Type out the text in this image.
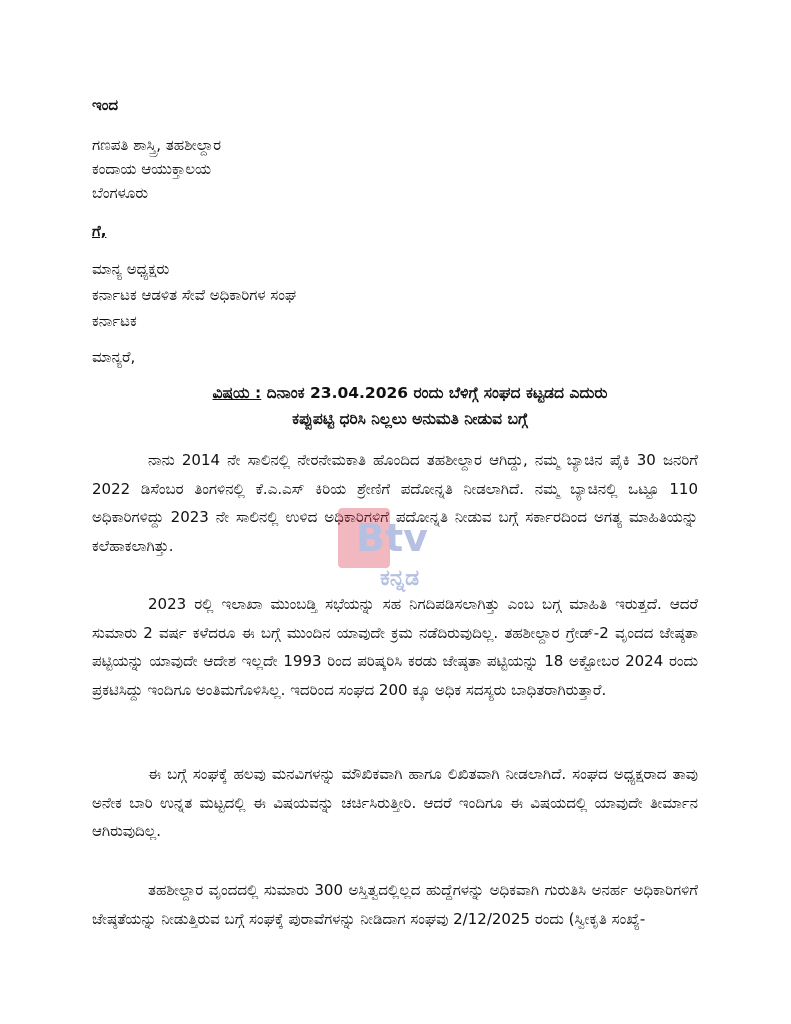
ಇಂದ
ಗಣಪತಿ ಶಾಸ್ತ್ರಿ, ತಹಶೀಲ್ದಾರ
ಕಂದಾಯ ಆಯುಕ್ತಾಲಯ
ಬೆಂಗಳೂರು
ಗೆ,
ಮಾನ್ಯ ಅಧ್ಯಕ್ಷರು
ಕರ್ನಾಟಕ ಆಡಳಿತ ಸೇವೆ ಅಧಿಕಾರಿಗಳ ಸಂಘ
ಕರ್ನಾಟಕ
ಮಾನ್ಯರೆ,
ವಿಷಯ : ದಿನಾಂಕ 23.04.2026 ರಂದು ಬೆಳಿಗ್ಗೆ ಸಂಘದ ಕಟ್ಟಡದ ಎದುರು
ಕಪ್ಪುಪಟ್ಟಿ ಧರಿಸಿ ನಿಲ್ಲಲು ಅನುಮತಿ ನೀಡುವ ಬಗ್ಗೆ

ನಾನು 2014 ನೇ ಸಾಲಿನಲ್ಲಿ ನೇರನೇಮಕಾತಿ ಹೊಂದಿದ ತಹಶೀಲ್ದಾರ ಆಗಿದ್ದು, ನಮ್ಮ ಬ್ಯಾಚಿನ ಪೈಕಿ 30 ಜನರಿಗೆ 2022 ಡಿಸೆಂಬರ ತಿಂಗಳಿನಲ್ಲಿ ಕೆ.ಎ.ಎಸ್ ಕಿರಿಯ ಶ್ರೇಣಿಗೆ ಪದೋನ್ನತಿ ನೀಡಲಾಗಿದೆ. ನಮ್ಮ ಬ್ಯಾಚಿನಲ್ಲಿ ಒಟ್ಟೂ 110 ಅಧಿಕಾರಿಗಳಿದ್ದು 2023 ನೇ ಸಾಲಿನಲ್ಲಿ ಉಳಿದ ಅಧಿಕಾರಿಗಳಿಗೆ ಪದೋನ್ನತಿ ನೀಡುವ ಬಗ್ಗೆ ಸರ್ಕಾರದಿಂದ ಅಗತ್ಯ ಮಾಹಿತಿಯನ್ನು ಕಲೆಹಾಕಲಾಗಿತ್ತು.

2023 ರಲ್ಲಿ ಇಲಾಖಾ ಮುಂಬಡ್ತಿ ಸಭೆಯನ್ನು ಸಹ ನಿಗದಿಪಡಿಸಲಾಗಿತ್ತು ಎಂಬ ಬಗ್ಗ ಮಾಹಿತಿ ಇರುತ್ತದೆ. ಆದರೆ ಸುಮಾರು 2 ವರ್ಷ ಕಳೆದರೂ ಈ ಬಗ್ಗೆ ಮುಂದಿನ ಯಾವುದೇ ಕ್ರಮ ನಡೆದಿರುವುದಿಲ್ಲ. ತಹಶೀಲ್ದಾರ ಗ್ರೇಡ್-2 ವೃಂದದ ಜೇಷ್ಠತಾ ಪಟ್ಟಿಯನ್ನು ಯಾವುದೇ ಆದೇಶ ಇಲ್ಲದೇ 1993 ರಿಂದ ಪರಿಷ್ಕರಿಸಿ ಕರಡು ಜೇಷ್ಠತಾ ಪಟ್ಟಿಯನ್ನು 18 ಅಕ್ಟೋಬರ 2024 ರಂದು ಪ್ರಕಟಿಸಿದ್ದು ಇಂದಿಗೂ ಅಂತಿಮಗೊಳಿಸಿಲ್ಲ. ಇದರಿಂದ ಸಂಘದ 200 ಕ್ಕೂ ಅಧಿಕ ಸದಸ್ಯರು ಬಾಧಿತರಾಗಿರುತ್ತಾರೆ.

ಈ ಬಗ್ಗೆ ಸಂಘಕ್ಕೆ ಹಲವು ಮನವಿಗಳನ್ನು ಮೌಖಿಕವಾಗಿ ಹಾಗೂ ಲಿಖಿತವಾಗಿ ನೀಡಲಾಗಿದೆ. ಸಂಘದ ಅಧ್ಯಕ್ಷರಾದ ತಾವು ಅನೇಕ ಬಾರಿ ಉನ್ನತ ಮಟ್ಟದಲ್ಲಿ ಈ ವಿಷಯವನ್ನು ಚರ್ಚಿಸಿರುತ್ತೀರಿ. ಆದರೆ ಇಂದಿಗೂ ಈ ವಿಷಯದಲ್ಲಿ ಯಾವುದೇ ತೀರ್ಮಾನ ಆಗಿರುವುದಿಲ್ಲ.

ತಹಶೀಲ್ದಾರ ವೃಂದದಲ್ಲಿ ಸುಮಾರು 300 ಅಸ್ತಿತ್ವದಲ್ಲಿಲ್ಲದ ಹುದ್ದೆಗಳನ್ನು ಅಧಿಕವಾಗಿ ಗುರುತಿಸಿ ಅನರ್ಹ ಅಧಿಕಾರಿಗಳಿಗೆ ಜೇಷ್ಠತೆಯನ್ನು ನೀಡುತ್ತಿರುವ ಬಗ್ಗೆ ಸಂಘಕ್ಕೆ ಪುರಾವೆಗಳನ್ನು ನೀಡಿದಾಗ ಸಂಘವು 2/12/2025 ರಂದು (ಸ್ವೀಕೃತಿ ಸಂಖ್ಯೆ-

Btv
ಕನ್ನಡ
